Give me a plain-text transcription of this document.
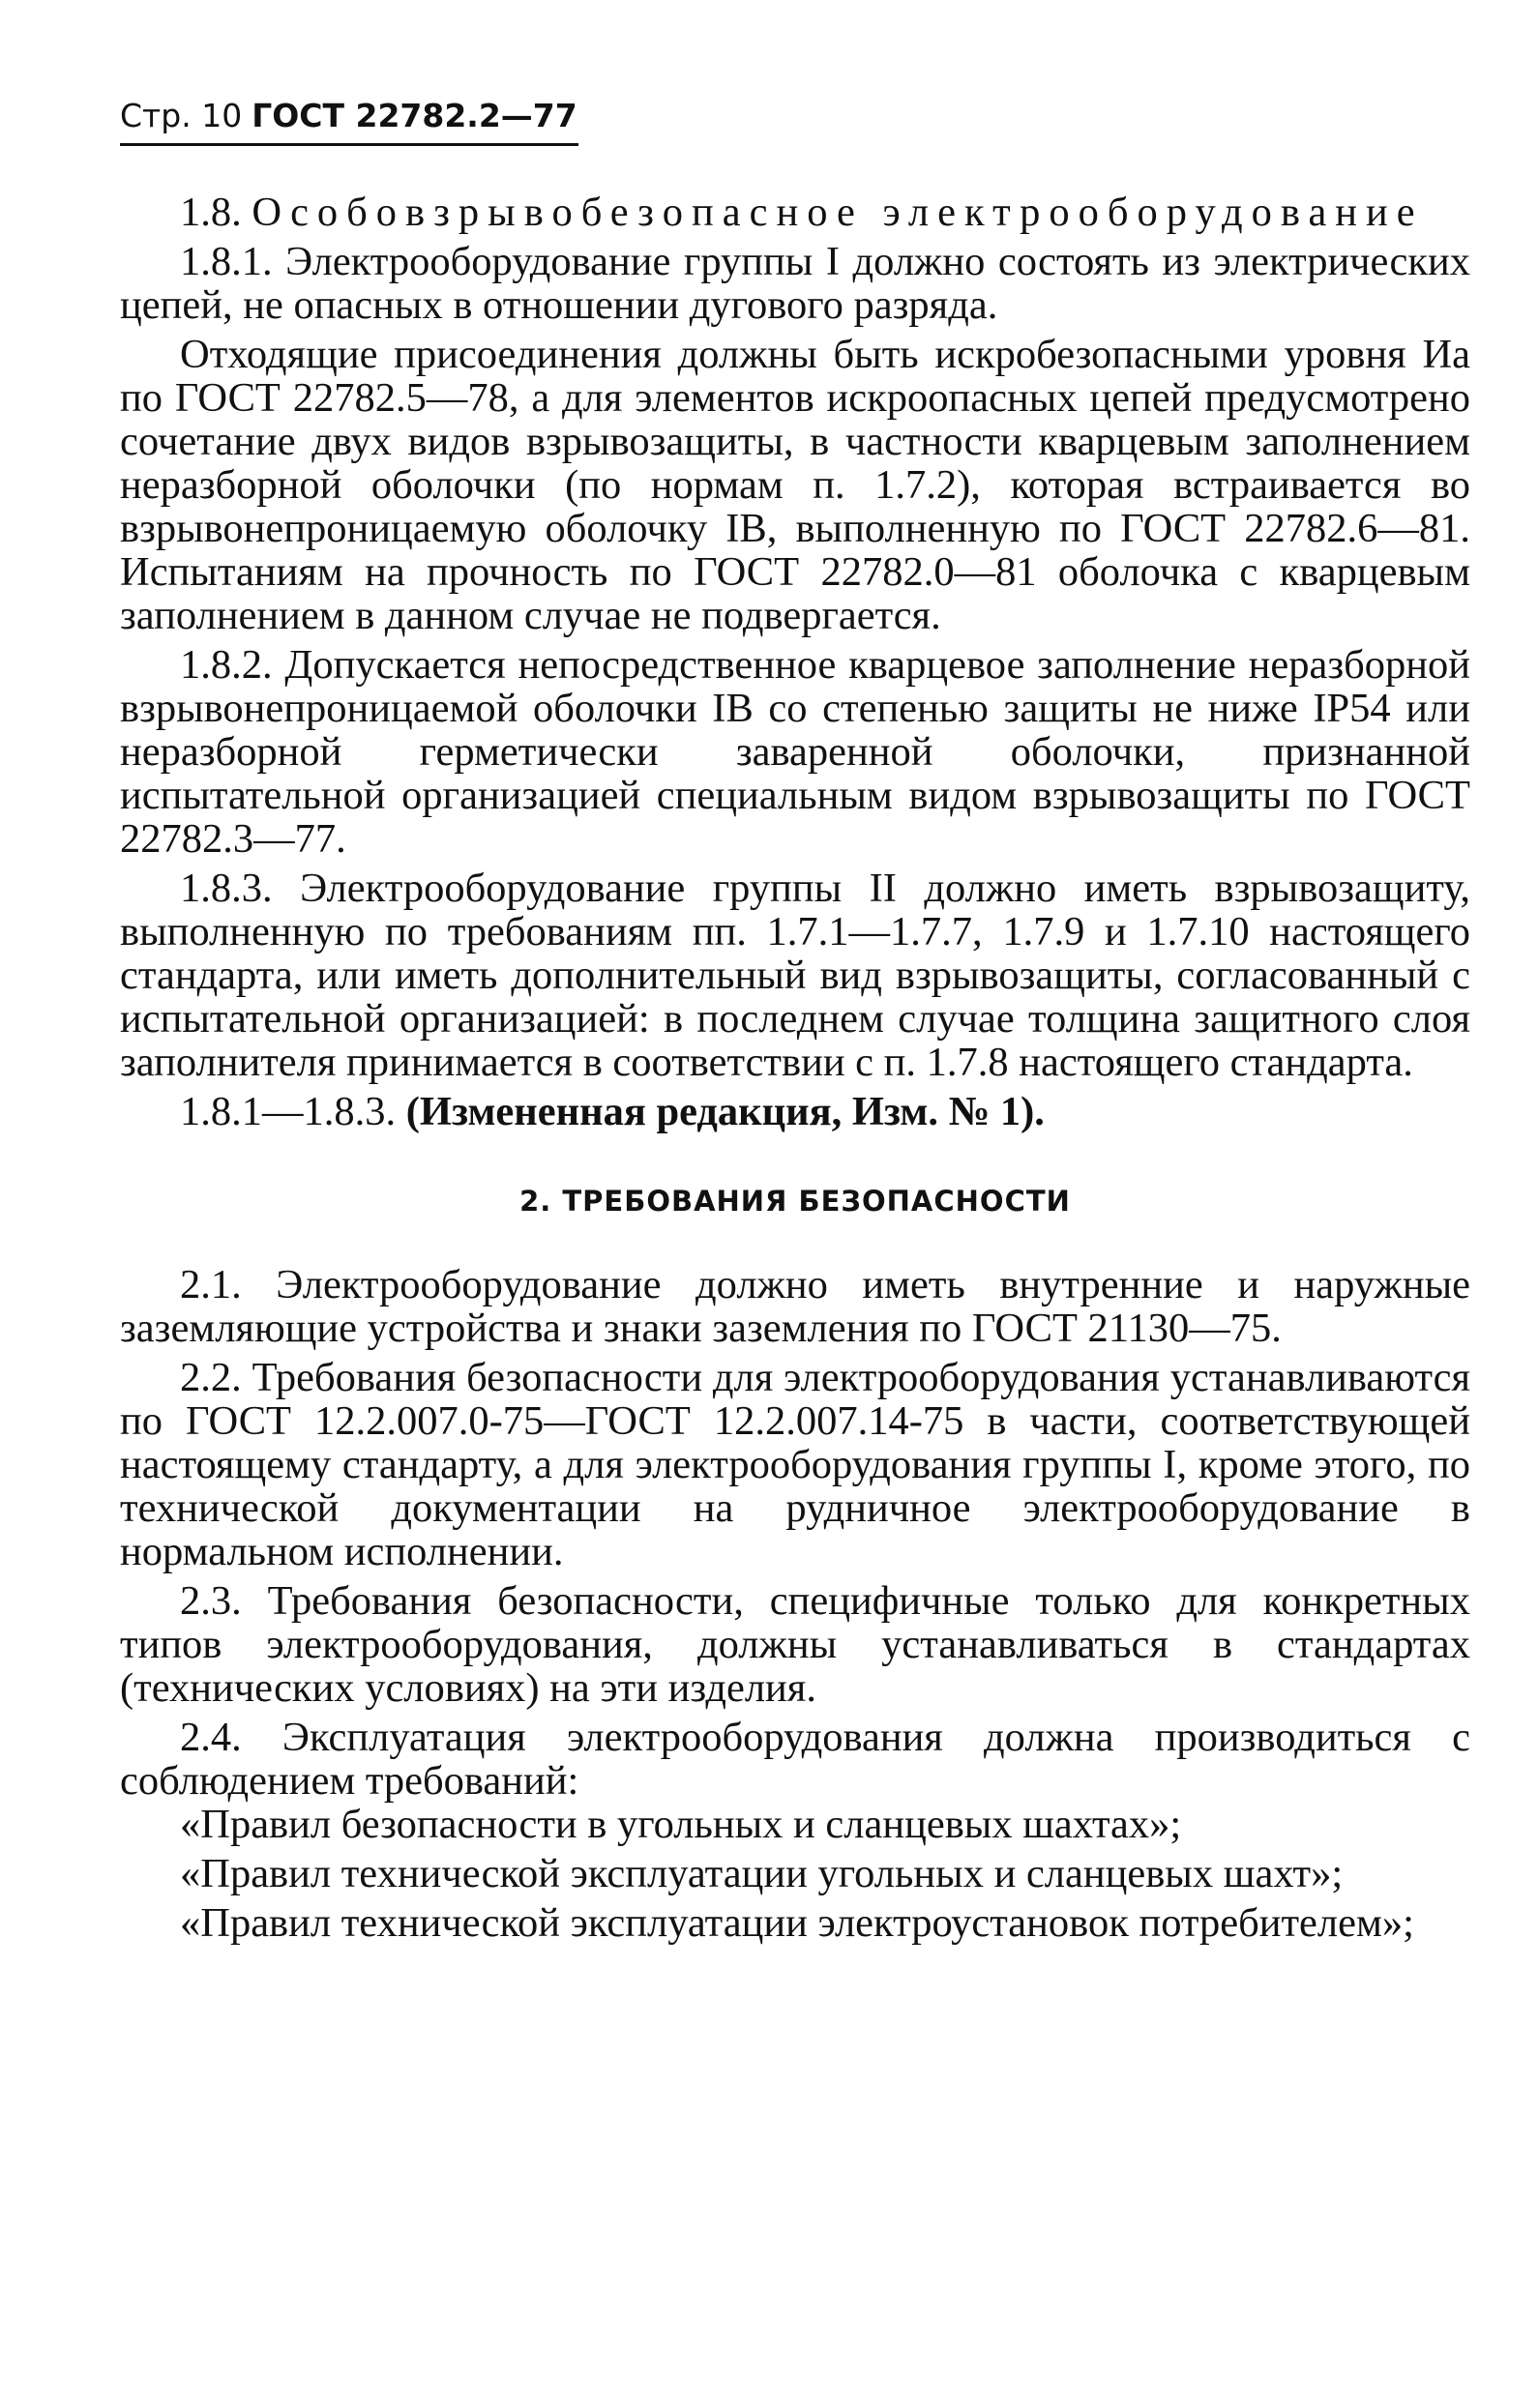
Стр. 10 ГОСТ 22782.2—77

1.8. Особовзрывобезопасное электрооборудование

1.8.1. Электрооборудование группы I должно состоять из электрических цепей, не опасных в отношении дугового разряда.

Отходящие присоединения должны быть искробезопасными уровня Иа по ГОСТ 22782.5—78, а для элементов искроопасных цепей предусмотрено сочетание двух видов взрывозащиты, в частности кварцевым заполнением неразборной оболочки (по нормам п. 1.7.2), которая встраивается во взрывонепроницаемую оболочку IB, выполненную по ГОСТ 22782.6—81. Испытаниям на прочность по ГОСТ 22782.0—81 оболочка с кварцевым заполнением в данном случае не подвергается.

1.8.2. Допускается непосредственное кварцевое заполнение неразборной взрывонепроницаемой оболочки IB со степенью защиты не ниже IP54 или неразборной герметически заваренной оболочки, признанной испытательной организацией специальным видом взрывозащиты по ГОСТ 22782.3—77.

1.8.3. Электрооборудование группы II должно иметь взрывозащиту, выполненную по требованиям пп. 1.7.1—1.7.7, 1.7.9 и 1.7.10 настоящего стандарта, или иметь дополнительный вид взрывозащиты, согласованный с испытательной организацией: в последнем случае толщина защитного слоя заполнителя принимается в соответствии с п. 1.7.8 настоящего стандарта.

1.8.1—1.8.3. (Измененная редакция, Изм. № 1).

2. ТРЕБОВАНИЯ БЕЗОПАСНОСТИ

2.1. Электрооборудование должно иметь внутренние и наружные заземляющие устройства и знаки заземления по ГОСТ 21130—75.

2.2. Требования безопасности для электрооборудования устанавливаются по ГОСТ 12.2.007.0-75—ГОСТ 12.2.007.14-75 в части, соответствующей настоящему стандарту, а для электрооборудования группы I, кроме этого, по технической документации на рудничное электрооборудование в нормальном исполнении.

2.3. Требования безопасности, специфичные только для конкретных типов электрооборудования, должны устанавливаться в стандартах (технических условиях) на эти изделия.

2.4. Эксплуатация электрооборудования должна производиться с соблюдением требований:

«Правил безопасности в угольных и сланцевых шахтах»;

«Правил технической эксплуатации угольных и сланцевых шахт»;

«Правил технической эксплуатации электроустановок потребителем»;
